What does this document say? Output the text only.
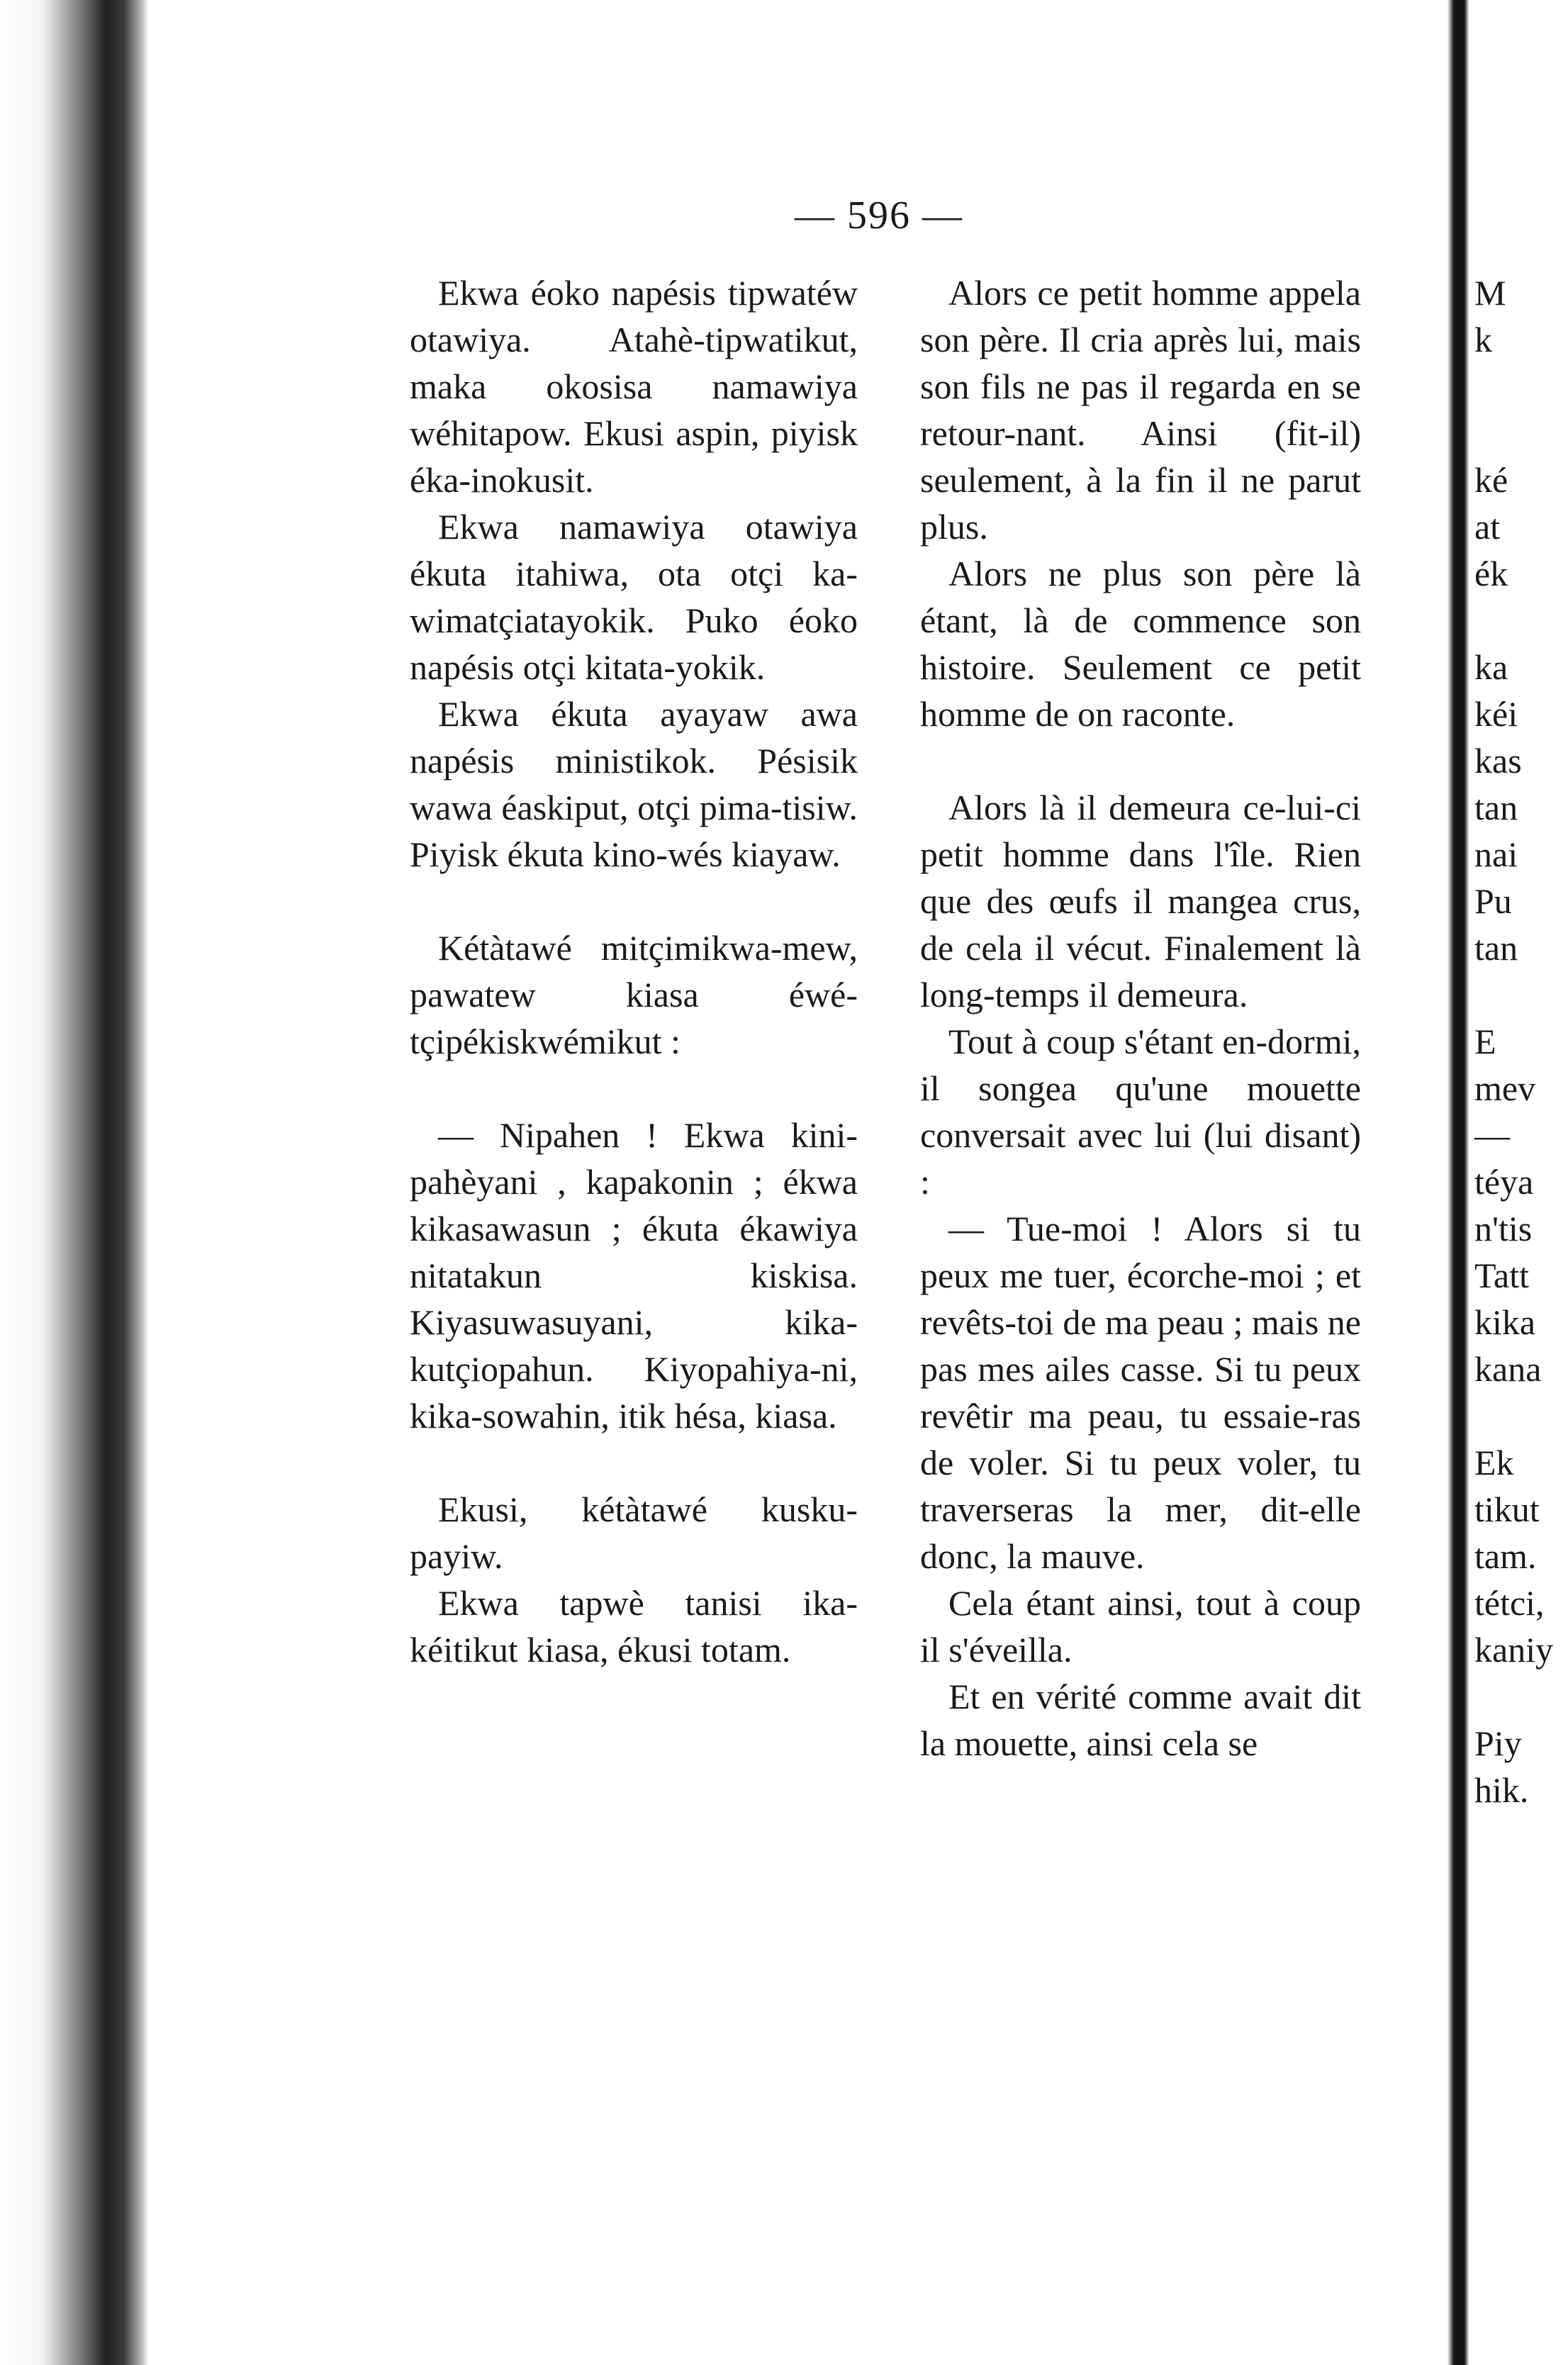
— 596 —

Ekwa éoko napésis tipwatéw otawiya. Atahè-tipwatikut, maka okosisa namawiya wéhitapow. Ekusi aspin, piyisk éka-inokusit.

Ekwa namawiya otawiya ékuta itahiwa, ota otçi ka-wimatçiatayokik. Puko éoko napésis otçi kitata-yokik.

Ekwa ékuta ayayaw awa napésis ministikok. Pésisik wawa éaskiput, otçi pima-tisiw. Piyisk ékuta kino-wés kiayaw.

Kétàtawé mitçimikwa-mew, pawatew kiasa éwé-tçipékiskwémikut :

— Nipahen ! Ekwa kini-pahèyani , kapakonin ; ékwa kikasawasun ; ékuta ékawiya nitatakun kiskisa. Kiyasuwasuyani, kika-kutçiopahun. Kiyopahiya-ni, kika-sowahin, itik hésa, kiasa.

Ekusi, kétàtawé kusku-payiw.

Ekwa tapwè tanisi ika-kéitikut kiasa, ékusi totam.

Alors ce petit homme appela son père. Il cria après lui, mais son fils ne pas il regarda en se retour-nant. Ainsi (fit-il) seulement, à la fin il ne parut plus.

Alors ne plus son père là étant, là de commence son histoire. Seulement ce petit homme de on raconte.

Alors là il demeura ce-lui-ci petit homme dans l'île. Rien que des œufs il mangea crus, de cela il vécut. Finalement là long-temps il demeura.

Tout à coup s'étant en-dormi, il songea qu'une mouette conversait avec lui (lui disant) :

— Tue-moi ! Alors si tu peux me tuer, écorche-moi ; et revêts-toi de ma peau ; mais ne pas mes ailes casse. Si tu peux revêtir ma peau, tu essaie-ras de voler. Si tu peux voler, tu traverseras la mer, dit-elle donc, la mauve.

Cela étant ainsi, tout à coup il s'éveilla.

Et en vérité comme avait dit la mouette, ainsi cela se

M
k
ké
at
ék
ka
kéi
kas
tan
nai
Pu
tan
E
mev
—
téya
n'tis
Tatt
kika
kana
Ek
tikut
tam.
tétci,
kaniy
Piy
hik.
